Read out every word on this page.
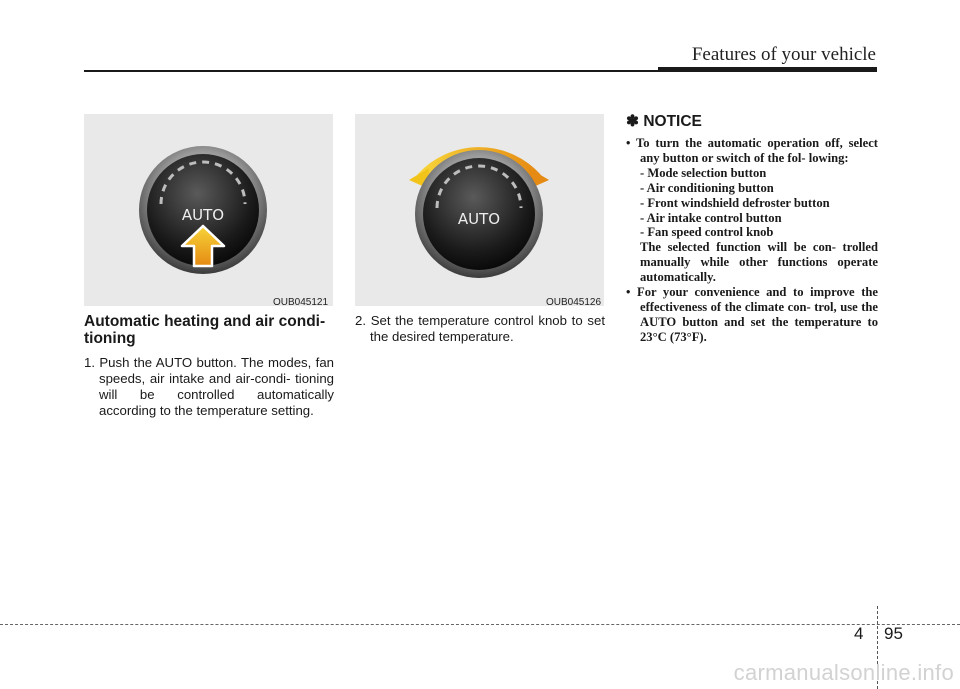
Features of your vehicle
AUTO
OUB045121
AUTO
OUB045126
Automatic heating and air condi-
tioning

1. Push the AUTO button. The modes, fan speeds, air intake and air-condi- tioning will be controlled automatically according to the temperature setting.

2. Set the temperature control knob to set the desired temperature.

✽ NOTICE

• To turn the automatic operation off, select any button or switch of the fol- lowing:
- Mode selection button
- Air conditioning button
- Front windshield defroster button
- Air intake control button
- Fan speed control knob
The selected function will be con- trolled manually while other functions operate automatically.

• For your convenience and to improve the effectiveness of the climate con- trol, use the AUTO button and set the temperature to 23°C (73°F).

4 95
carmanualsonline.info
